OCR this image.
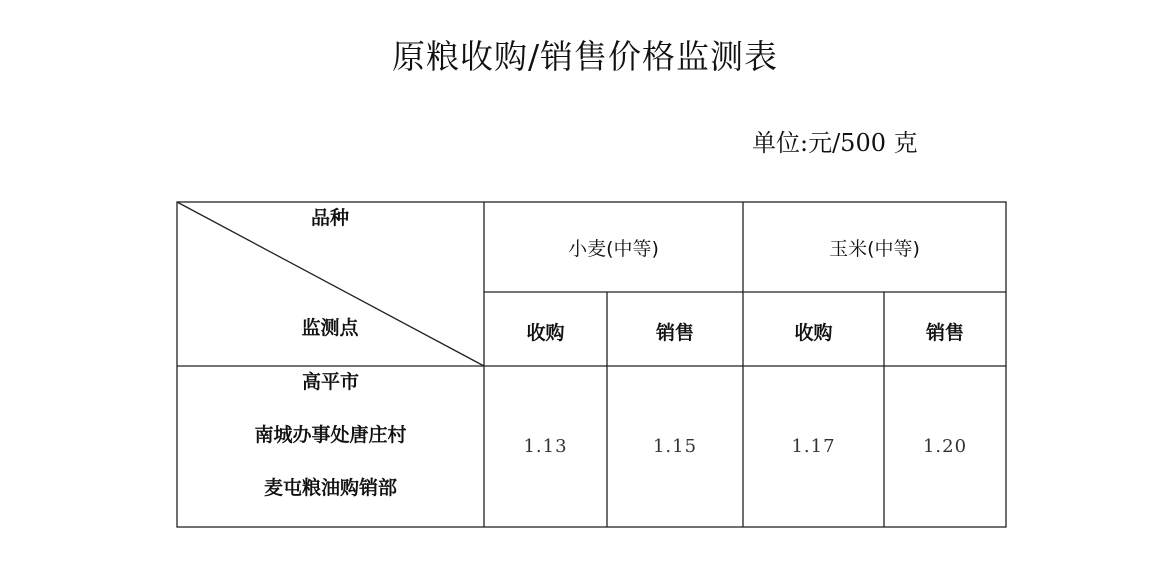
原粮收购/销售价格监测表
单位:元/500 克
品种
监测点
小麦(中等)	玉米(中等)
收购	销售	收购	销售
高平市
南城办事处唐庄村
麦屯粮油购销部
1.13	1.15	1.17	1.20
